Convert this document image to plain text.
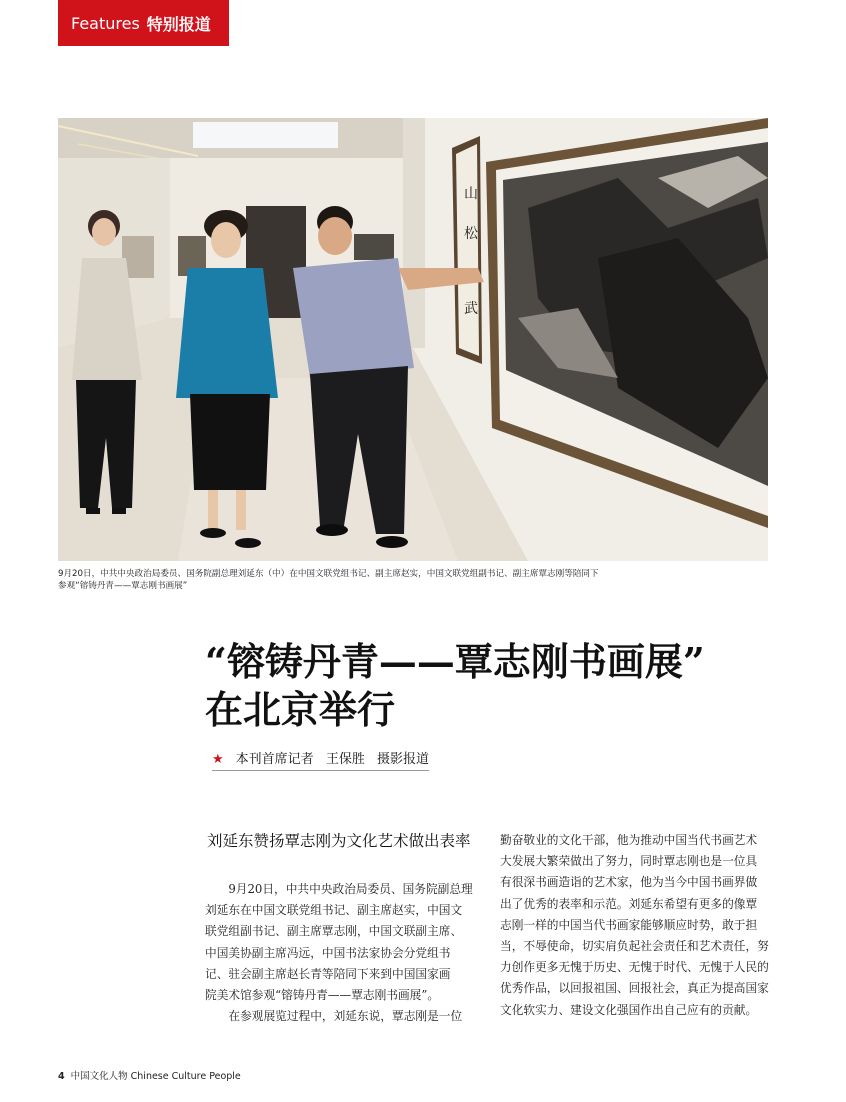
Features 特别报道
山
松
武
9月20日，中共中央政治局委员、国务院副总理刘延东（中）在中国文联党组书记、副主席赵实，中国文联党组副书记、副主席覃志刚等陪同下
参观“镕铸丹青——覃志刚书画展”
“镕铸丹青——覃志刚书画展”
在北京举行
★ 本刊首席记者 王保胜 摄影报道
刘延东赞扬覃志刚为文化艺术做出表率

　　9月20日，中共中央政治局委员、国务院副总理
刘延东在中国文联党组书记、副主席赵实，中国文
联党组副书记、副主席覃志刚，中国文联副主席、
中国美协副主席冯远，中国书法家协会分党组书
记、驻会副主席赵长青等陪同下来到中国国家画
院美术馆参观“镕铸丹青——覃志刚书画展”。
　　在参观展览过程中，刘延东说，覃志刚是一位

勤奋敬业的文化干部，他为推动中国当代书画艺术
大发展大繁荣做出了努力，同时覃志刚也是一位具
有很深书画造诣的艺术家，他为当今中国书画界做
出了优秀的表率和示范。刘延东希望有更多的像覃
志刚一样的中国当代书画家能够顺应时势，敢于担
当，不辱使命，切实肩负起社会责任和艺术责任，努
力创作更多无愧于历史、无愧于时代、无愧于人民的
优秀作品，以回报祖国、回报社会，真正为提高国家
文化软实力、建设文化强国作出自己应有的贡献。

4 中国文化人物 Chinese Culture People
